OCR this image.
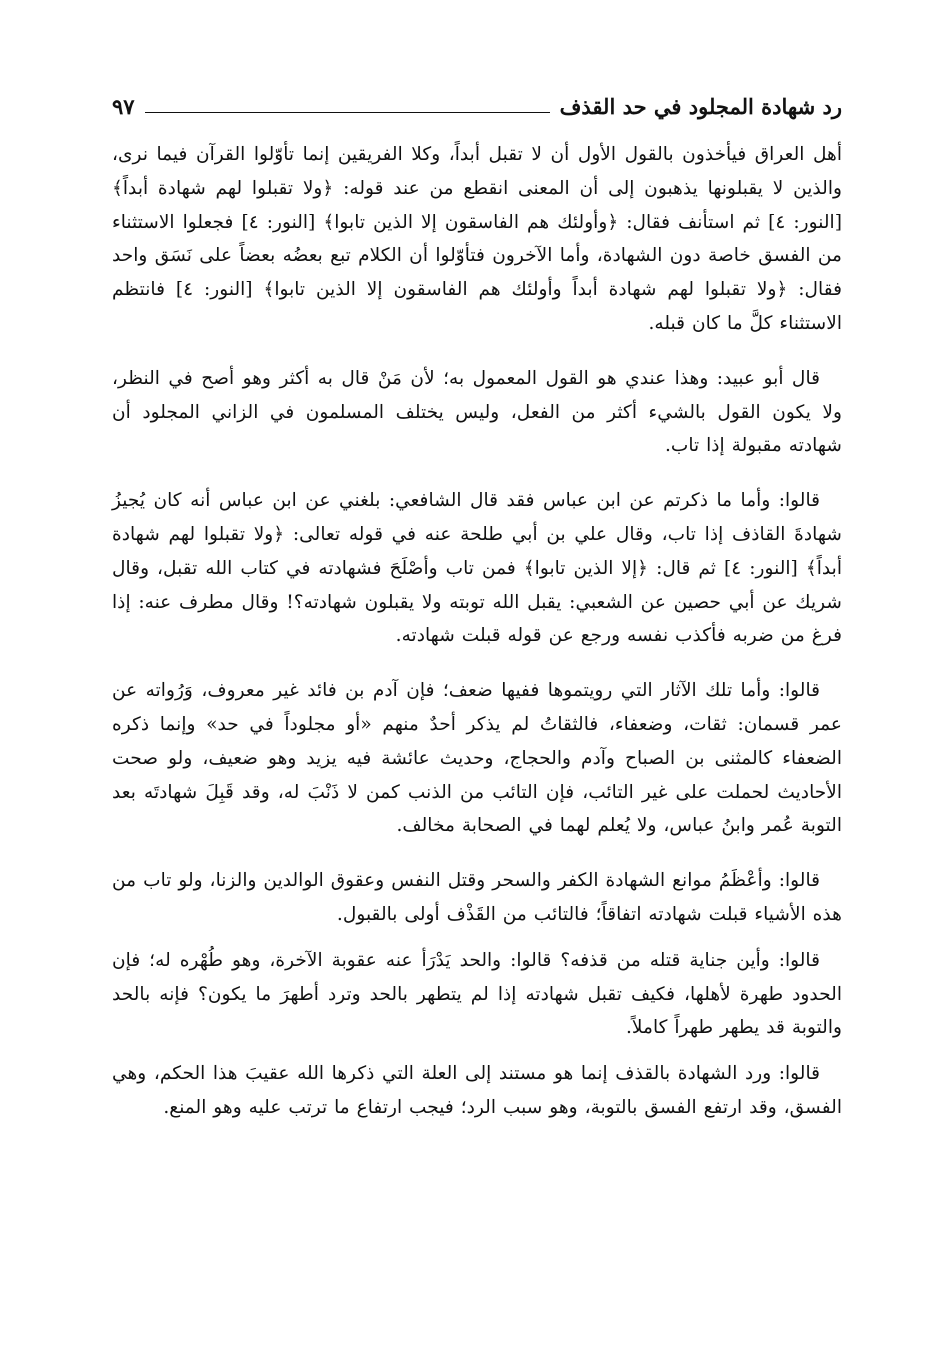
رد شهادة المجلود في حد القذف
٩٧

أهل العراق فيأخذون بالقول الأول أن لا تقبل أبداً، وكلا الفريقين إنما تأوّلوا القرآن فيما نرى، والذين لا يقبلونها يذهبون إلى أن المعنى انقطع من عند قوله: ﴿ولا تقبلوا لهم شهادة أبداً﴾ [النور: ٤] ثم استأنف فقال: ﴿وأولئك هم الفاسقون إلا الذين تابوا﴾ [النور: ٤] فجعلوا الاستثناء من الفسق خاصة دون الشهادة، وأما الآخرون فتأوّلوا أن الكلام تبع بعضُه بعضاً على نَسَق واحد فقال: ﴿ولا تقبلوا لهم شهادة أبداً وأولئك هم الفاسقون إلا الذين تابوا﴾ [النور: ٤] فانتظم الاستثناء كلَّ ما كان قبله.

قال أبو عبيد: وهذا عندي هو القول المعمول به؛ لأن مَنْ قال به أكثر وهو أصح في النظر، ولا يكون القول بالشيء أكثر من الفعل، وليس يختلف المسلمون في الزاني المجلود أن شهادته مقبولة إذا تاب.

قالوا: وأما ما ذكرتم عن ابن عباس فقد قال الشافعي: بلغني عن ابن عباس أنه كان يُجيزُ شهادةَ القاذف إذا تاب، وقال علي بن أبي طلحة عنه في قوله تعالى: ﴿ولا تقبلوا لهم شهادة أبداً﴾ [النور: ٤] ثم قال: ﴿إلا الذين تابوا﴾ فمن تاب وأصْلَحَ فشهادته في كتاب الله تقبل، وقال شريك عن أبي حصين عن الشعبي: يقبل الله توبته ولا يقبلون شهادته؟! وقال مطرف عنه: إذا فرغ من ضربه فأكذب نفسه ورجع عن قوله قبلت شهادته.

قالوا: وأما تلك الآثار التي رويتموها ففيها ضعف؛ فإن آدم بن فائد غير معروف، وَرُواته عن عمر قسمان: ثقات، وضعفاء، فالثقاتُ لم يذكر أحدٌ منهم «أو مجلوداً في حد» وإنما ذكره الضعفاء كالمثنى بن الصباح وآدم والحجاج، وحديث عائشة فيه يزيد وهو ضعيف، ولو صحت الأحاديث لحملت على غير التائب، فإن التائب من الذنب كمن لا ذَنْبَ له، وقد قَبِلَ شهادتَه بعد التوبة عُمر وابنُ عباس، ولا يُعلم لهما في الصحابة مخالف.

قالوا: وأعْظَمُ موانع الشهادة الكفر والسحر وقتل النفس وعقوق الوالدين والزنا، ولو تاب من هذه الأشياء قبلت شهادته اتفاقاً؛ فالتائب من القَذْف أولى بالقبول.

قالوا: وأين جناية قتله من قذفه؟ قالوا: والحد يَدْرَأ عنه عقوبة الآخرة، وهو طُهْره له؛ فإن الحدود طهرة لأهلها، فكيف تقبل شهادته إذا لم يتطهر بالحد وترد أطهرَ ما يكون؟ فإنه بالحد والتوبة قد يطهر طهراً كاملاً.

قالوا: ورد الشهادة بالقذف إنما هو مستند إلى العلة التي ذكرها الله عقيبَ هذا الحكم، وهي الفسق، وقد ارتفع الفسق بالتوبة، وهو سبب الرد؛ فيجب ارتفاع ما ترتب عليه وهو المنع.
